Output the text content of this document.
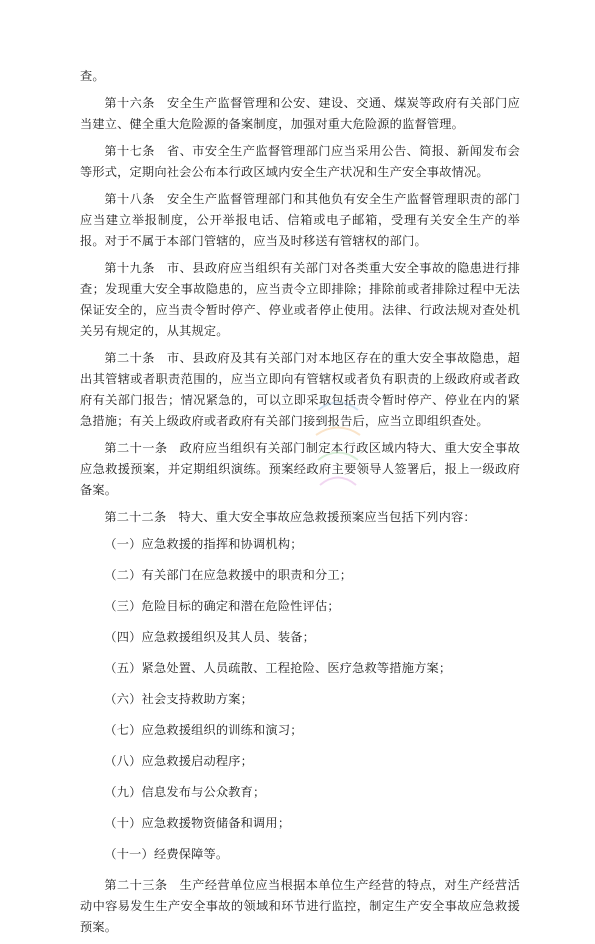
查。

第十六条 安全生产监督管理和公安、建设、交通、煤炭等政府有关部门应当建立、健全重大危险源的备案制度，加强对重大危险源的监督管理。

第十七条 省、市安全生产监督管理部门应当采用公告、简报、新闻发布会等形式，定期向社会公布本行政区域内安全生产状况和生产安全事故情况。

第十八条 安全生产监督管理部门和其他负有安全生产监督管理职责的部门应当建立举报制度，公开举报电话、信箱或电子邮箱，受理有关安全生产的举报。对于不属于本部门管辖的，应当及时移送有管辖权的部门。

第十九条 市、县政府应当组织有关部门对各类重大安全事故的隐患进行排查；发现重大安全事故隐患的，应当责令立即排除；排除前或者排除过程中无法保证安全的，应当责令暂时停产、停业或者停止使用。法律、行政法规对查处机关另有规定的，从其规定。

第二十条 市、县政府及其有关部门对本地区存在的重大安全事故隐患，超出其管辖或者职责范围的，应当立即向有管辖权或者负有职责的上级政府或者政府有关部门报告；情况紧急的，可以立即采取包括责令暂时停产、停业在内的紧急措施；有关上级政府或者政府有关部门接到报告后，应当立即组织查处。

第二十一条 政府应当组织有关部门制定本行政区域内特大、重大安全事故应急救援预案，并定期组织演练。预案经政府主要领导人签署后，报上一级政府备案。

第二十二条 特大、重大安全事故应急救援预案应当包括下列内容：

（一）应急救援的指挥和协调机构；
（二）有关部门在应急救援中的职责和分工；
（三）危险目标的确定和潜在危险性评估；
（四）应急救援组织及其人员、装备；
（五）紧急处置、人员疏散、工程抢险、医疗急救等措施方案；
（六）社会支持救助方案；
（七）应急救援组织的训练和演习；
（八）应急救援启动程序；
（九）信息发布与公众教育；
（十）应急救援物资储备和调用；
（十一）经费保障等。

第二十三条 生产经营单位应当根据本单位生产经营的特点，对生产经营活动中容易发生生产安全事故的领域和环节进行监控，制定生产安全事故应急救援预案。
